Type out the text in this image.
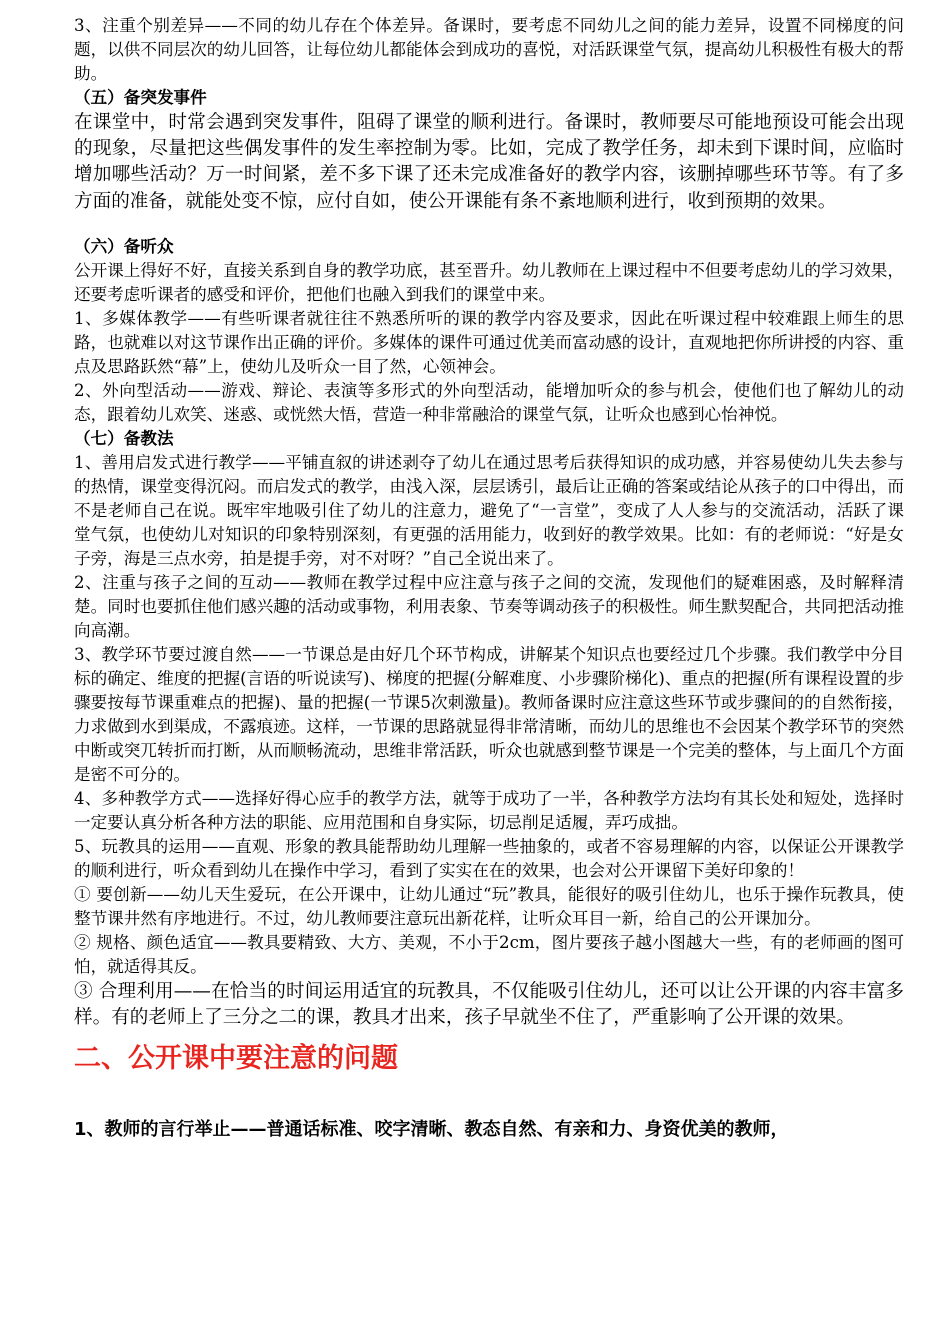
3、注重个别差异——不同的幼儿存在个体差异。备课时，要考虑不同幼儿之间的能力差异，设置不同梯度的问题，以供不同层次的幼儿回答，让每位幼儿都能体会到成功的喜悦，对活跃课堂气氛，提高幼儿积极性有极大的帮助。

（五）备突发事件

在课堂中，时常会遇到突发事件，阻碍了课堂的顺利进行。备课时，教师要尽可能地预设可能会出现的现象，尽量把这些偶发事件的发生率控制为零。比如，完成了教学任务，却未到下课时间，应临时增加哪些活动？万一时间紧，差不多下课了还未完成准备好的教学内容，该删掉哪些环节等。有了多方面的准备，就能处变不惊，应付自如，使公开课能有条不紊地顺利进行，收到预期的效果。

（六）备听众

公开课上得好不好，直接关系到自身的教学功底，甚至晋升。幼儿教师在上课过程中不但要考虑幼儿的学习效果，还要考虑听课者的感受和评价，把他们也融入到我们的课堂中来。

1、多媒体教学——有些听课者就往往不熟悉所听的课的教学内容及要求，因此在听课过程中较难跟上师生的思路，也就难以对这节课作出正确的评价。多媒体的课件可通过优美而富动感的设计，直观地把你所讲授的内容、重点及思路跃然“幕”上，使幼儿及听众一目了然，心领神会。

2、外向型活动——游戏、辩论、表演等多形式的外向型活动，能增加听众的参与机会，使他们也了解幼儿的动态，跟着幼儿欢笑、迷惑、或恍然大悟，营造一种非常融洽的课堂气氛，让听众也感到心怡神悦。

（七）备教法

1、善用启发式进行教学——平铺直叙的讲述剥夺了幼儿在通过思考后获得知识的成功感，并容易使幼儿失去参与的热情，课堂变得沉闷。而启发式的教学，由浅入深，层层诱引，最后让正确的答案或结论从孩子的口中得出，而不是老师自己在说。既牢牢地吸引住了幼儿的注意力，避免了“一言堂”，变成了人人参与的交流活动，活跃了课堂气氛，也使幼儿对知识的印象特别深刻，有更强的活用能力，收到好的教学效果。比如：有的老师说：“好是女子旁，海是三点水旁，拍是提手旁，对不对呀？”自己全说出来了。

2、注重与孩子之间的互动——教师在教学过程中应注意与孩子之间的交流，发现他们的疑难困惑，及时解释清楚。同时也要抓住他们感兴趣的活动或事物，利用表象、节奏等调动孩子的积极性。师生默契配合，共同把活动推向高潮。

3、教学环节要过渡自然——一节课总是由好几个环节构成，讲解某个知识点也要经过几个步骤。我们教学中分目标的确定、维度的把握(言语的听说读写)、梯度的把握(分解难度、小步骤阶梯化)、重点的把握(所有课程设置的步骤要按每节课重难点的把握)、量的把握(一节课5次刺激量)。教师备课时应注意这些环节或步骤间的的自然衔接，力求做到水到渠成，不露痕迹。这样，一节课的思路就显得非常清晰，而幼儿的思维也不会因某个教学环节的突然中断或突兀转折而打断，从而顺畅流动，思维非常活跃，听众也就感到整节课是一个完美的整体，与上面几个方面是密不可分的。

4、多种教学方式——选择好得心应手的教学方法，就等于成功了一半，各种教学方法均有其长处和短处，选择时一定要认真分析各种方法的职能、应用范围和自身实际，切忌削足适履，弄巧成拙。

5、玩教具的运用——直观、形象的教具能帮助幼儿理解一些抽象的，或者不容易理解的内容，以保证公开课教学的顺利进行，听众看到幼儿在操作中学习，看到了实实在在的效果，也会对公开课留下美好印象的！

① 要创新——幼儿天生爱玩，在公开课中，让幼儿通过“玩”教具，能很好的吸引住幼儿，也乐于操作玩教具，使整节课井然有序地进行。不过，幼儿教师要注意玩出新花样，让听众耳目一新，给自己的公开课加分。

② 规格、颜色适宜——教具要精致、大方、美观，不小于2cm，图片要孩子越小图越大一些，有的老师画的图可怕，就适得其反。

③ 合理利用——在恰当的时间运用适宜的玩教具，不仅能吸引住幼儿，还可以让公开课的内容丰富多样。有的老师上了三分之二的课，教具才出来，孩子早就坐不住了，严重影响了公开课的效果。

二、公开课中要注意的问题

1、教师的言行举止——普通话标准、咬字清晰、教态自然、有亲和力、身资优美的教师，
